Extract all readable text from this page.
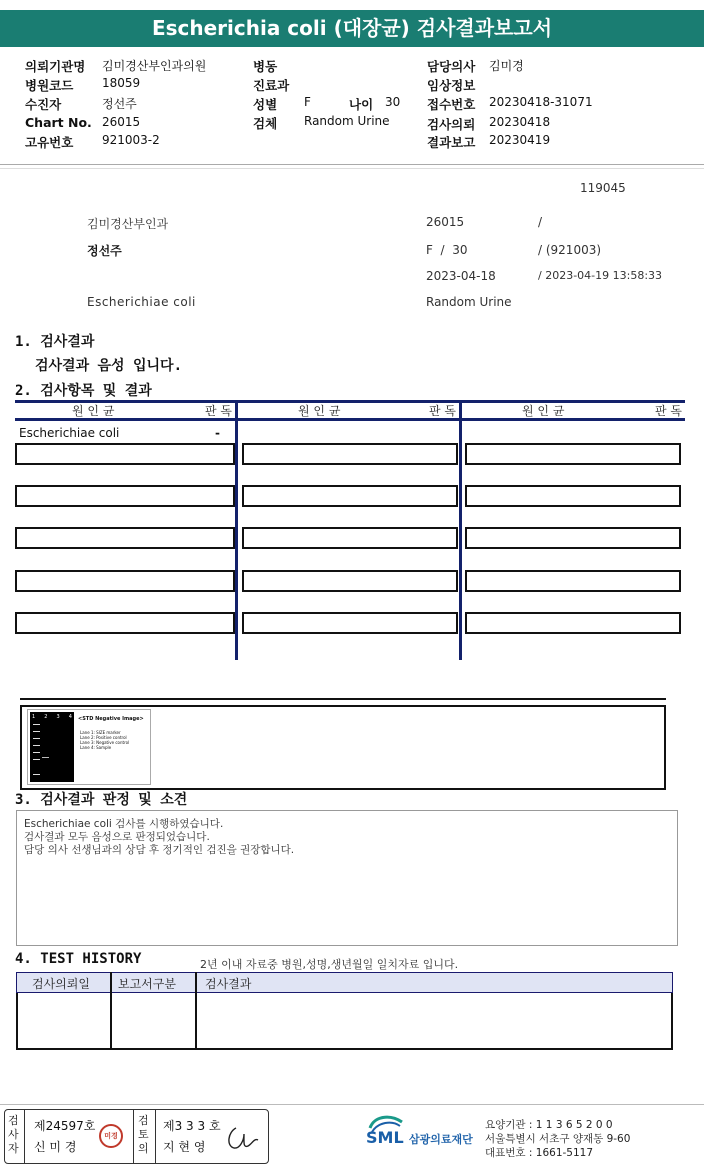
Escherichia coli (대장균) 검사결과보고서
의뢰기관명 김미경산부인과의원
병원코드 18059
수진자	정선주
Chart No. 26015
고유번호 921003-2
병동
진료과
성별 F	나이 30
검체 Random Urine
담당의사 김미경
임상정보
접수번호 20230418-31071
검사의뢰 20230418
결과보고 20230419
119045
김미경산부인과	26015	/
정선주	F  /  30	/ (921003)
2023-04-18	/ 2023-04-19 13:58:33
Escherichiae coli	Random Urine
1. 검사결과
검사결과 음성 입니다.
2. 검사항목 및 결과
원 인 균	판 독	원 인 균	판 독	원 인 균	판 독
Escherichiae coli	-
1 2 3 4 <STD Negative Image>
Lane 1: SIZE marker
Lane 2: Positive control
Lane 3: Negative control
Lane 4: Sample
3. 검사결과 판정 및 소견
Escherichiae coli 검사를 시행하였습니다.
검사결과 모두 음성으로 판정되었습니다.
담당 의사 선생님과의 상담 후 정기적인 검진을 권장합니다.
4. TEST HISTORY	2년 이내 자료중 병원,성명,생년월일 일치자료 입니다.
검사의뢰일 보고서구분 검사결과
검사자
제24597호
신 미 경
미경
검토의
제3 3 3 호
지 현 영	SML 삼광의료재단
요양기관 : 1 1 3 6 5 2 0 0
서울특별시 서초구 양재동 9-60
대표번호 : 1661-5117
